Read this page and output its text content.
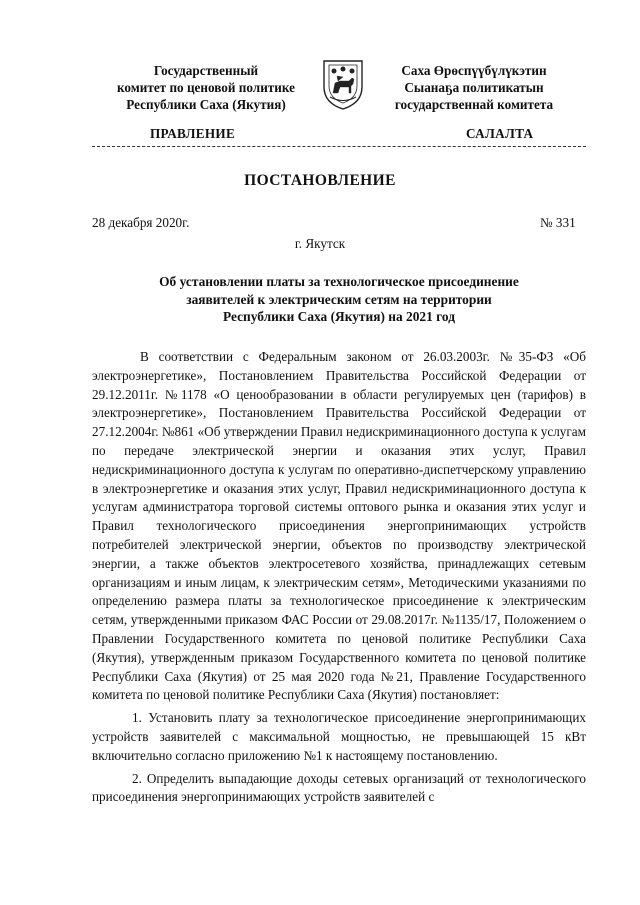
Государственный
комитет по ценовой политике
Республики Саха (Якутия)
Саха Өрөспүүбүлүкэтин
Сыанаҕа политикатын
государственнай комитета
ПРАВЛЕНИЕ	САЛАЛТА
ПОСТАНОВЛЕНИЕ
28 декабря 2020г.	№ 331
г. Якутск
Об установлении платы за технологическое присоединение
заявителей к электрическим сетям на территории
Республики Саха (Якутия) на 2021 год

В соответствии с Федеральным законом от 26.03.2003г. №35-ФЗ «Об электроэнергетике», Постановлением Правительства Российской Федерации от 29.12.2011г. №1178 «О ценообразовании в области регулируемых цен (тарифов) в электроэнергетике», Постановлением Правительства Российской Федерации от 27.12.2004г. №861 «Об утверждении Правил недискриминационного доступа к услугам по передаче электрической энергии и оказания этих услуг, Правил недискриминационного доступа к услугам по оперативно-диспетчерскому управлению в электроэнергетике и оказания этих услуг, Правил недискриминационного доступа к услугам администратора торговой системы оптового рынка и оказания этих услуг и Правил технологического присоединения энергопринимающих устройств потребителей электрической энергии, объектов по производству электрической энергии, а также объектов электросетевого хозяйства, принадлежащих сетевым организациям и иным лицам, к электрическим сетям», Методическими указаниями по определению размера платы за технологическое присоединение к электрическим сетям, утвержденными приказом ФАС России от 29.08.2017г. №1135/17, Положением о Правлении Государственного комитета по ценовой политике Республики Саха (Якутия), утвержденным приказом Государственного комитета по ценовой политике Республики Саха (Якутия) от 25 мая 2020 года №21, Правление Государственного комитета по ценовой политике Республики Саха (Якутия) постановляет:

1. Установить плату за технологическое присоединение энергопринимающих устройств заявителей с максимальной мощностью, не превышающей 15 кВт включительно согласно приложению №1 к настоящему постановлению.

2. Определить выпадающие доходы сетевых организаций от технологического присоединения энергопринимающих устройств заявителей с
